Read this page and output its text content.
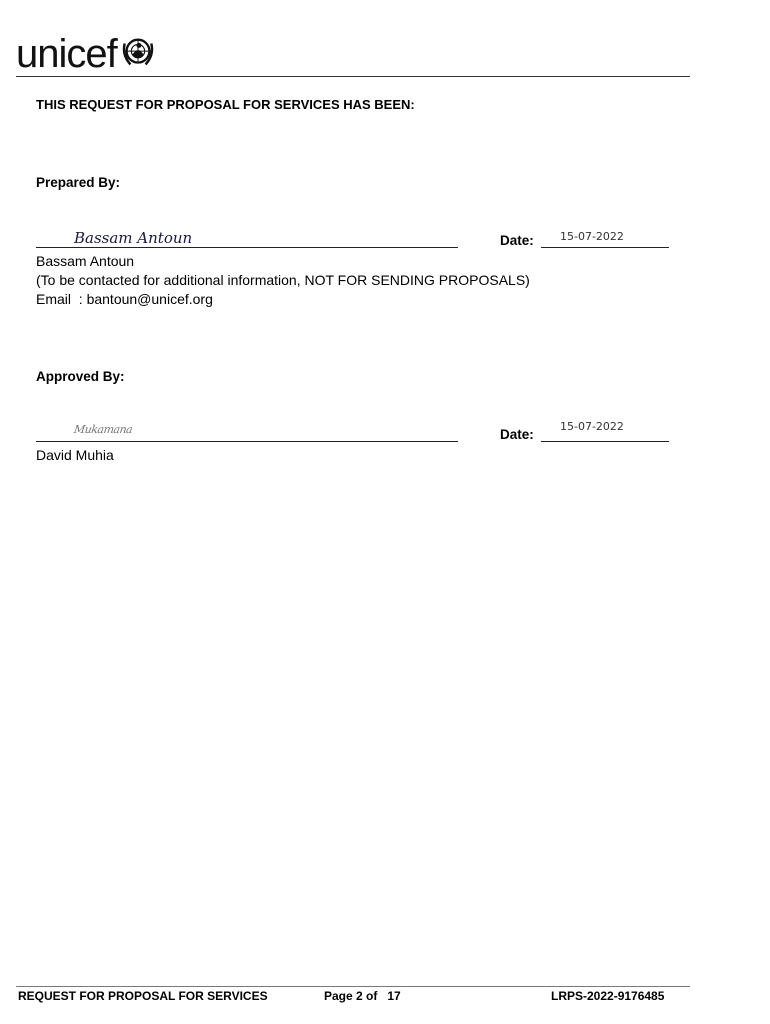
unicef
THIS REQUEST FOR PROPOSAL FOR SERVICES HAS BEEN:
Prepared By:
Bassam Antoun	Date: 15-07-2022
Bassam Antoun
(To be contacted for additional information, NOT FOR SENDING PROPOSALS)
Email  : bantoun@unicef.org
Approved By:
Mukamana	Date:
15-07-2022
David Muhia
REQUEST FOR PROPOSAL FOR SERVICES	Page 2 of   17	LRPS-2022-9176485
